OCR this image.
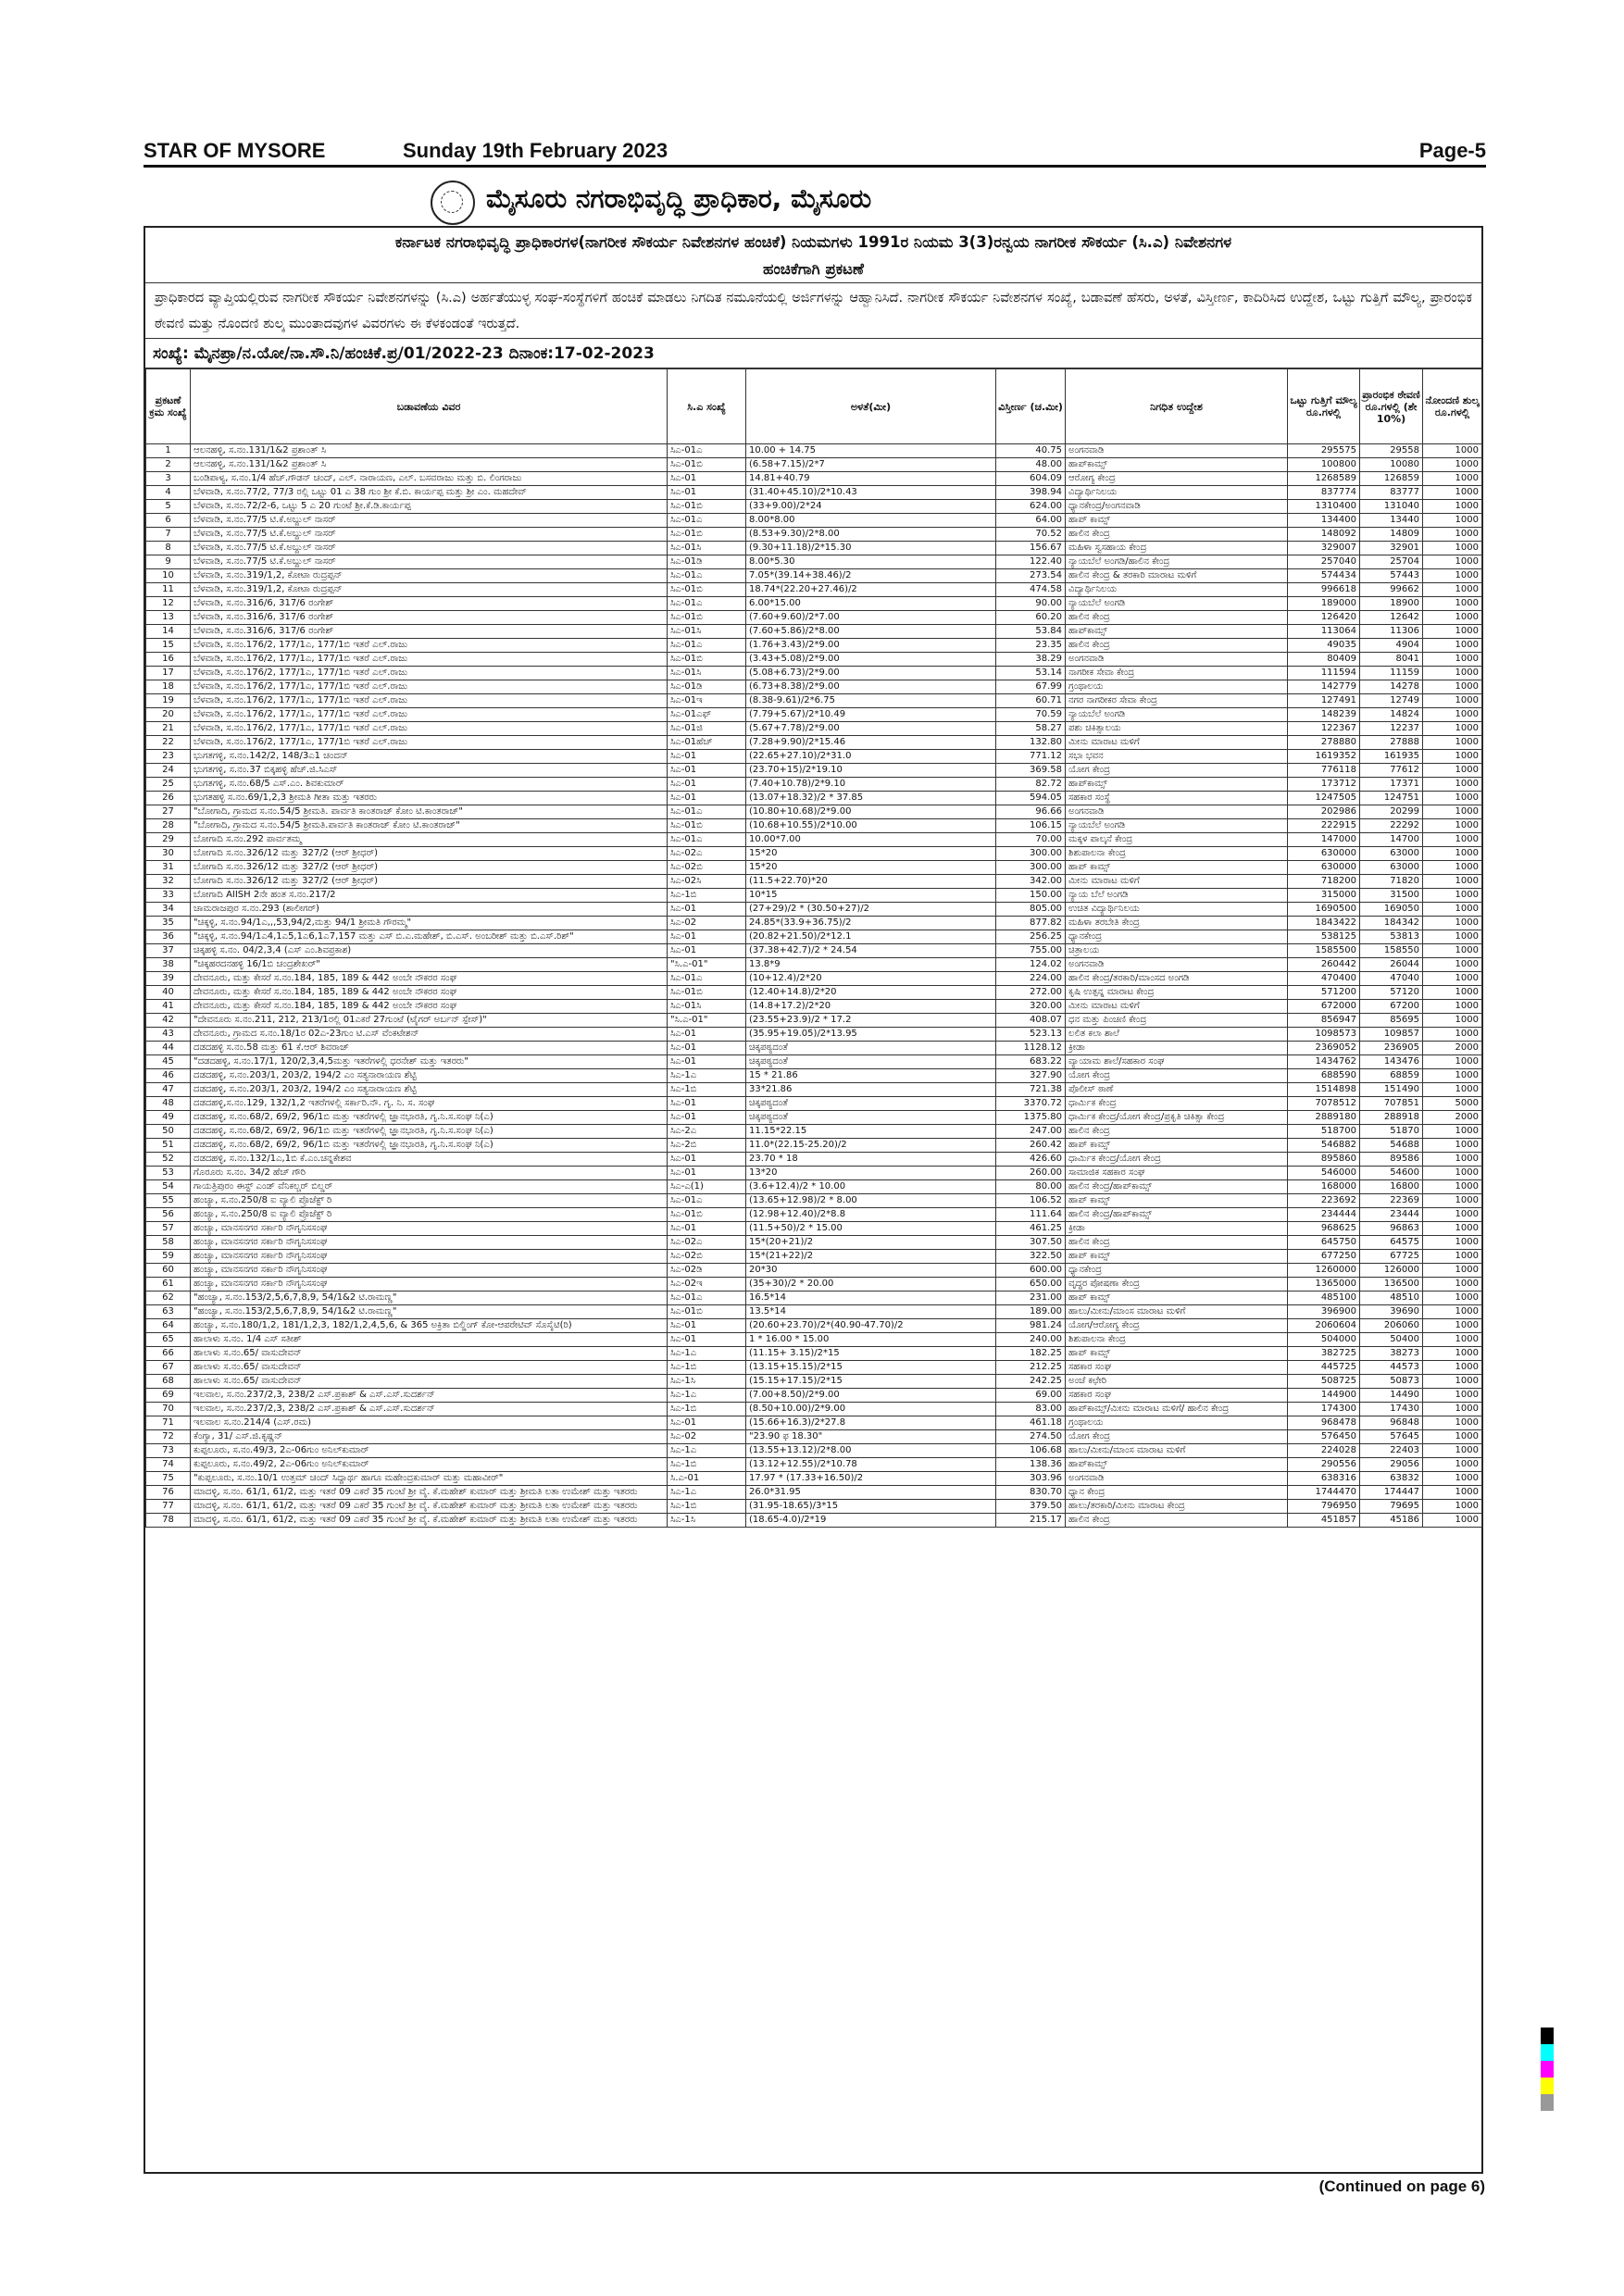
STAR OF MYSORE	Sunday 19th February 2023	Page-5
ಮೈಸೂರು ನಗರಾಭಿವೃದ್ಧಿ ಪ್ರಾಧಿಕಾರ, ಮೈಸೂರು
ಕರ್ನಾಟಕ ನಗರಾಭಿವೃದ್ಧಿ ಪ್ರಾಧಿಕಾರಗಳ(ನಾಗರೀಕ ಸೌಕರ್ಯ ನಿವೇಶನಗಳ ಹಂಚಿಕೆ) ನಿಯಮಗಳು 1991ರ ನಿಯಮ 3(3)ರನ್ವಯ ನಾಗರೀಕ ಸೌಕರ್ಯ (ಸಿ.ಎ) ನಿವೇಶನಗಳ
ಹಂಚಿಕೆಗಾಗಿ ಪ್ರಕಟಣೆ
ಪ್ರಾಧಿಕಾರದ ವ್ಯಾಪ್ತಿಯಲ್ಲಿರುವ ನಾಗರೀಕ ಸೌಕರ್ಯ ನಿವೇಶನಗಳನ್ನು (ಸಿ.ಎ) ಅರ್ಹತೆಯುಳ್ಳ ಸಂಘ-ಸಂಸ್ಥೆಗಳಿಗೆ ಹಂಚಿಕೆ ಮಾಡಲು ನಿಗದಿತ ನಮೂನೆಯಲ್ಲಿ ಅರ್ಜಿಗಳನ್ನು ಆಹ್ವಾನಿಸಿದೆ. ನಾಗರೀಕ ಸೌಕರ್ಯ ನಿವೇಶನಗಳ ಸಂಖ್ಯೆ, ಬಡಾವಣೆ ಹೆಸರು, ಅಳತೆ, ವಿಸ್ತೀರ್ಣ, ಕಾದಿರಿಸಿದ ಉದ್ದೇಶ, ಒಟ್ಟು ಗುತ್ತಿಗೆ ಮೌಲ್ಯ, ಪ್ರಾರಂಭಿಕ ಠೇವಣಿ ಮತ್ತು ನೊಂದಣಿ ಶುಲ್ಕ ಮುಂತಾದವುಗಳ ವಿವರಗಳು ಈ ಕೆಳಕಂಡಂತೆ ಇರುತ್ತದೆ.
ಸಂಖ್ಯೆ: ಮೈನಪ್ರಾ/ನ.ಯೋ/ನಾ.ಸೌ.ನಿ/ಹಂಚಿಕೆ.ಪ್ರ/01/2022-23 ದಿನಾಂಕ:17-02-2023
ಪ್ರಕಟಣೆ ಕ್ರಮ ಸಂಖ್ಯೆ	ಬಡಾವಣೆಯ ವಿವರ	ಸಿ.ಎ ಸಂಖ್ಯೆ	ಅಳತೆ(ಮೀ)	ವಿಸ್ತೀರ್ಣ (ಚ.ಮೀ)	ನಿಗಧಿತ ಉದ್ದೇಶ	ಒಟ್ಟು ಗುತ್ತಿಗೆ ಮೌಲ್ಯ ರೂ.ಗಳಲ್ಲಿ	ಪ್ರಾರಂಭಿಕ ಠೇವಣಿ ರೂ.ಗಳಲ್ಲಿ (ಶೇ 10%)	ನೋಂದಣಿ ಶುಲ್ಕ ರೂ.ಗಳಲ್ಲಿ
1	ಆಲನಹಳ್ಳಿ, ಸ.ನಂ.131/1&2 ಪ್ರಶಾಂತ್ ಸಿ	ಸಿಎ-01ಎ	10.00 + 14.75	40.75	ಅಂಗನವಾಡಿ	295575	29558	1000
2	ಆಲನಹಳ್ಳಿ, ಸ.ನಂ.131/1&2 ಪ್ರಶಾಂತ್ ಸಿ	ಸಿಎ-01ಬಿ	(6.58+7.15)/2*7	48.00	ಹಾಪ್‌ಕಾಮ್ಸ್	100800	10080	1000
3	ಬಂಡಿಪಾಳ್ಯ, ಸ.ನಂ.1/4 ಹೆಚ್.ಗೌಡನ್ ಚಂದ್, ಎಲ್. ನಾರಾಯಣ, ಎಲ್. ಬಸವರಾಜು ಮತ್ತು ಬಿ. ಲಿಂಗರಾಜು	ಸಿಎ-01	14.81+40.79	604.09	ಆರೋಗ್ಯ ಕೇಂದ್ರ	1268589	126859	1000
4	ಬೆಳವಾಡಿ, ಸ.ನಂ.77/2, 77/3 ರಲ್ಲಿ ಒಟ್ಟು 01 ಎ 38 ಗುಂ ಶ್ರೀ ಕೆ.ಬಿ. ಕಾರ್ಯಪ್ಪ ಮತ್ತು ಶ್ರೀ ಎಂ. ಮಹದೇವ್	ಸಿಎ-01	(31.40+45.10)/2*10.43	398.94	ವಿದ್ಯಾರ್ಥಿನಿಲಯ	837774	83777	1000
5	ಬೆಳವಾಡಿ, ಸ.ನಂ.72/2-6, ಒಟ್ಟು 5 ಎ 20 ಗುಂಟೆ ಶ್ರೀ.ಕೆ.ಡಿ.ಕಾರ್ಯಪ್ಪ	ಸಿಎ-01ಬಿ	(33+9.00)/2*24	624.00	ಧ್ಯಾನಕೇಂದ್ರ/ಅಂಗನವಾಡಿ	1310400	131040	1000
6	ಬೆಳವಾಡಿ, ಸ.ನಂ.77/5 ಟಿ.ಕೆ.ಅಬ್ದುಲ್ ನಾಸರ್	ಸಿಎ-01ಎ	8.00*8.00	64.00	ಹಾಪ್ ಕಾಮ್ಸ್	134400	13440	1000
7	ಬೆಳವಾಡಿ, ಸ.ನಂ.77/5 ಟಿ.ಕೆ.ಅಬ್ದುಲ್ ನಾಸರ್	ಸಿಎ-01ಬಿ	(8.53+9.30)/2*8.00	70.52	ಹಾಲಿನ ಕೇಂದ್ರ	148092	14809	1000
8	ಬೆಳವಾಡಿ, ಸ.ನಂ.77/5 ಟಿ.ಕೆ.ಅಬ್ದುಲ್ ನಾಸರ್	ಸಿಎ-01ಸಿ	(9.30+11.18)/2*15.30	156.67	ಮಹಿಳಾ ಸ್ವಸಹಾಯ ಕೇಂದ್ರ	329007	32901	1000
9	ಬೆಳವಾಡಿ, ಸ.ನಂ.77/5 ಟಿ.ಕೆ.ಅಬ್ದುಲ್ ನಾಸರ್	ಸಿಎ-01ಡಿ	8.00*5.30	122.40	ನ್ಯಾಯಬೆಲೆ ಅಂಗಡಿ/ಹಾಲಿನ ಕೇಂದ್ರ	257040	25704	1000
10	ಬೆಳವಾಡಿ, ಸ.ನಂ.319/1,2, ಕೋಟಾ ರುದ್ರಪ್ಪನ್	ಸಿಎ-01ಎ	7.05*(39.14+38.46)/2	273.54	ಹಾಲಿನ ಕೇಂದ್ರ & ತರಕಾರಿ ಮಾರಾಟ ಮಳಿಗೆ	574434	57443	1000
11	ಬೆಳವಾಡಿ, ಸ.ನಂ.319/1,2, ಕೋಟಾ ರುದ್ರಪ್ಪನ್	ಸಿಎ-01ಬಿ	18.74*(22.20+27.46)/2	474.58	ವಿದ್ಯಾರ್ಥಿನಿಲಯ	996618	99662	1000
12	ಬೆಳವಾಡಿ, ಸ.ನಂ.316/6, 317/6 ರಂಗೇಶ್	ಸಿಎ-01ಎ	6.00*15.00	90.00	ನ್ಯಾಯಬೆಲೆ ಅಂಗಡಿ	189000	18900	1000
13	ಬೆಳವಾಡಿ, ಸ.ನಂ.316/6, 317/6 ರಂಗೇಶ್	ಸಿಎ-01ಬಿ	(7.60+9.60)/2*7.00	60.20	ಹಾಲಿನ ಕೇಂದ್ರ	126420	12642	1000
14	ಬೆಳವಾಡಿ, ಸ.ನಂ.316/6, 317/6 ರಂಗೇಶ್	ಸಿಎ-01ಸಿ	(7.60+5.86)/2*8.00	53.84	ಹಾಪ್‌ಕಾಮ್ಸ್	113064	11306	1000
15	ಬೆಳವಾಡಿ, ಸ.ನಂ.176/2, 177/1ಎ, 177/1ಬಿ ಇತರೆ ಎಲ್.ರಾಜು	ಸಿಎ-01ಎ	(1.76+3.43)/2*9.00	23.35	ಹಾಲಿನ ಕೇಂದ್ರ	49035	4904	1000
16	ಬೆಳವಾಡಿ, ಸ.ನಂ.176/2, 177/1ಎ, 177/1ಬಿ ಇತರೆ ಎಲ್.ರಾಜು	ಸಿಎ-01ಬಿ	(3.43+5.08)/2*9.00	38.29	ಅಂಗನವಾಡಿ	80409	8041	1000
17	ಬೆಳವಾಡಿ, ಸ.ನಂ.176/2, 177/1ಎ, 177/1ಬಿ ಇತರೆ ಎಲ್.ರಾಜು	ಸಿಎ-01ಸಿ	(5.08+6.73)/2*9.00	53.14	ನಾಗರೀಕ ಸೇವಾ ಕೇಂದ್ರ	111594	11159	1000
18	ಬೆಳವಾಡಿ, ಸ.ನಂ.176/2, 177/1ಎ, 177/1ಬಿ ಇತರೆ ಎಲ್.ರಾಜು	ಸಿಎ-01ಡಿ	(6.73+8.38)/2*9.00	67.99	ಗ್ರಂಥಾಲಯ	142779	14278	1000
19	ಬೆಳವಾಡಿ, ಸ.ನಂ.176/2, 177/1ಎ, 177/1ಬಿ ಇತರೆ ಎಲ್.ರಾಜು	ಸಿಎ-01ಇ	(8.38-9.61)/2*6.75	60.71	ನಗರ ನಾಗರೀಕರ ಸೇವಾ ಕೇಂದ್ರ	127491	12749	1000
20	ಬೆಳವಾಡಿ, ಸ.ನಂ.176/2, 177/1ಎ, 177/1ಬಿ ಇತರೆ ಎಲ್.ರಾಜು	ಸಿಎ-01ಎಫ್	(7.79+5.67)/2*10.49	70.59	ನ್ಯಾಯಬೆಲೆ ಅಂಗಡಿ	148239	14824	1000
21	ಬೆಳವಾಡಿ, ಸ.ನಂ.176/2, 177/1ಎ, 177/1ಬಿ ಇತರೆ ಎಲ್.ರಾಜು	ಸಿಎ-01ಜಿ	(5.67+7.78)/2*9.00	58.27	ಪಶು ಚಿಕಿತ್ಸಾಲಯ	122367	12237	1000
22	ಬೆಳವಾಡಿ, ಸ.ನಂ.176/2, 177/1ಎ, 177/1ಬಿ ಇತರೆ ಎಲ್.ರಾಜು	ಸಿಎ-01ಹೆಚ್	(7.28+9.90)/2*15.46	132.80	ಮೀನು ಮಾರಾಟ ಮಳಿಗೆ	278880	27888	1000
23	ಭುಗತಗಳ್ಳಿ, ಸ.ನಂ.142/2, 148/3ಎ1 ಚಂದನ್	ಸಿಎ-01	(22.65+27.10)/2*31.0	771.12	ಸಭಾ ಭವನ	1619352	161935	1000
24	ಭುಗತಗಳ್ಳಿ, ಸ.ನಂ.37 ಬಿಕ್ಕಹಳ್ಳಿ ಹೆಚ್.ಜಿ.ಸಿಎಸ್	ಸಿಎ-01	(23.70+15)/2*19.10	369.58	ಯೋಗ ಕೇಂದ್ರ	776118	77612	1000
25	ಭುಗತಗಳ್ಳಿ, ಸ.ನಂ.68/5 ಎಸ್.ಎಂ. ಶಿವಕುಮಾರ್	ಸಿಎ-01	(7.40+10.78)/2*9.10	82.72	ಹಾಪ್‌ಕಾಮ್ಸ್	173712	17371	1000
26	ಭುಗತಹಳ್ಳಿ ಸ.ನಂ.69/1,2,3 ಶ್ರೀಮತಿ ಗೀತಾ ಮತ್ತು ಇತರರು	ಸಿಎ-01	(13.07+18.32)/2 * 37.85	594.05	ಸಹಕಾರ ಸಂಸ್ಥೆ	1247505	124751	1000
27	"ಬೋಗಾದಿ, ಗ್ರಾಮದ ಸ.ನಂ.54/5 ಶ್ರೀಮತಿ. ಪಾರ್ವತಿ ಕಾಂತರಾಜ್ ಕೋಂ ಟಿ.ಕಾಂತರಾಜ್"	ಸಿಎ-01ಎ	(10.80+10.68)/2*9.00	96.66	ಅಂಗನವಾಡಿ	202986	20299	1000
28	"ಬೋಗಾದಿ, ಗ್ರಾಮದ ಸ.ನಂ.54/5 ಶ್ರೀಮತಿ.ಪಾರ್ವತಿ ಕಾಂತರಾಜ್ ಕೋಂ ಟಿ.ಕಾಂತರಾಜ್"	ಸಿಎ-01ಬಿ	(10.68+10.55)/2*10.00	106.15	ನ್ಯಾಯಬೆಲೆ ಅಂಗಡಿ	222915	22292	1000
29	ಬೋಗಾದಿ ಸ.ನಂ.292 ಪಾರ್ವತಮ್ಮ	ಸಿಎ-01ಎ	10.00*7.00	70.00	ಮಕ್ಕಳ ಪಾಲ್ಕನೆ ಕೇಂದ್ರ	147000	14700	1000
30	ಬೋಗಾದಿ ಸ.ನಂ.326/12 ಮತ್ತು 327/2 (ಆರ್ ಶ್ರೀಧರ್)	ಸಿಎ-02ಎ	15*20	300.00	ಶಿಶುಪಾಲನಾ ಕೇಂದ್ರ	630000	63000	1000
31	ಬೋಗಾದಿ ಸ.ನಂ.326/12 ಮತ್ತು 327/2 (ಆರ್ ಶ್ರೀಧರ್)	ಸಿಎ-02ಬಿ	15*20	300.00	ಹಾಪ್ ಕಾಮ್ಸ್	630000	63000	1000
32	ಬೋಗಾದಿ ಸ.ನಂ.326/12 ಮತ್ತು 327/2 (ಆರ್ ಶ್ರೀಧರ್)	ಸಿಎ-02ಸಿ	(11.5+22.70)*20	342.00	ಮೀನು ಮಾರಾಟ ಮಳಿಗೆ	718200	71820	1000
33	ಬೋಗಾದಿ AIISH 2ನೇ ಹಂತ ಸ.ನಂ.217/2	ಸಿಎ-1ಬಿ	10*15	150.00	ನ್ಯಾಯ ಬೆಲೆ ಅಂಗಡಿ	315000	31500	1000
34	ಚಾಮರಾಜಪುರ ಸ.ನಂ.293 (ಶಾಲೀಗರ್)	ಸಿಎ-01	(27+29)/2 * (30.50+27)/2	805.00	ಉಚಿತ ವಿದ್ಯಾರ್ಥಿನಿಲಯ	1690500	169050	1000
35	"ಚಿಕ್ಕಳ್ಳಿ, ಸ.ನಂ.94/1ಎ,,,53,94/2,ಮತ್ತು 94/1 ಶ್ರೀಮತಿ ಗೌರಮ್ಮ"	ಸಿಎ-02	24.85*(33.9+36.75)/2	877.82	ಮಹಿಳಾ ತರಬೇತಿ ಕೇಂದ್ರ	1843422	184342	1000
36	"ಚಿಕ್ಕಳ್ಳಿ, ಸ.ನಂ.94/1ಎ4,1ಎ5,1ಎ6,1ಎ7,157 ಮತ್ತು ಎಸ್ ಬಿ.ಎ.ಮಹೇಶ್, ಬಿ.ಎಸ್. ಅಂಬರೀಶ್ ಮತ್ತು ಬಿ.ಎಸ್.ರಿಶ್"	ಸಿಎ-01	(20.82+21.50)/2*12.1	256.25	ಧ್ಯಾನಕೇಂದ್ರ	538125	53813	1000
37	ಚಿಕ್ಕಹಳ್ಳಿ ಸ.ನಂ. 04/2,3,4 (ಎಸ್ ಎಂ.ಶಿವಪ್ರಕಾಶ)	ಸಿಎ-01	(37.38+42.7)/2 * 24.54	755.00	ಚಿತ್ರಾಲಯ	1585500	158550	1000
38	"ಚಿಕ್ಕಹರದನಹಳ್ಳಿ 16/1ಬಿ ಚಂದ್ರಶೇಖರ್"	"ಸಿ.ಎ-01"	13.8*9	124.02	ಅಂಗನವಾಡಿ	260442	26044	1000
39	ದೇವನೂರು, ಮತ್ತು ಕೇಸರೆ ಸ.ನಂ.184, 185, 189 & 442 ಅಂಬೇ ನೌಕರರ ಸಂಘ	ಸಿಎ-01ಎ	(10+12.4)/2*20	224.00	ಹಾಲಿನ ಕೇಂದ್ರ/ತರಕಾರಿ/ಮಾಂಸದ ಅಂಗಡಿ	470400	47040	1000
40	ದೇವನೂರು, ಮತ್ತು ಕೇಸರೆ ಸ.ನಂ.184, 185, 189 & 442 ಅಂಬೇ ನೌಕರರ ಸಂಘ	ಸಿಎ-01ಬಿ	(12.40+14.8)/2*20	272.00	ಕೃಷಿ ಉತ್ಪನ್ನ ಮಾರಾಟ ಕೇಂದ್ರ	571200	57120	1000
41	ದೇವನೂರು, ಮತ್ತು ಕೇಸರೆ ಸ.ನಂ.184, 185, 189 & 442 ಅಂಬೇ ನೌಕರರ ಸಂಘ	ಸಿಎ-01ಸಿ	(14.8+17.2)/2*20	320.00	ಮೀನು ಮಾರಾಟ ಮಳಿಗೆ	672000	67200	1000
42	"ದೇವನೂರು ಸ.ನಂ.211, 212, 213/1ರಲ್ಲಿ 01ಎಕರೆ 27ಗುಂಟೆ (ಟೈಗರ್ ಅರ್ಬನ್ ಸ್ಪೇಸ್)"	"ಸಿ.ಎ-01"	(23.55+23.9)/2 * 17.2	408.07	ಧನ ಮತ್ತು ಪಿಂಚಣಿ ಕೇಂದ್ರ	856947	85695	1000
43	ದೇವನೂರು, ಗ್ರಾಮದ ಸ.ನಂ.18/1ರ 02ಎ-23ಗುಂ ಟಿ.ಎಸ್ ವೆಂಕಟೇಶನ್	ಸಿಎ-01	(35.95+19.05)/2*13.95	523.13	ಲಲಿತ ಕಲಾ ಶಾಲೆ	1098573	109857	1000
44	ದಡದಹಳ್ಳಿ ಸ.ನಂ.58 ಮತ್ತು 61 ಕೆ.ಆರ್ ಶಿವರಾಜ್	ಸಿಎ-01	ಚಿಕ್ಕಪಠ್ಯದಂತೆ	1128.12	ಕ್ರೀಡಾ	2369052	236905	2000
45	"ದಡದಹಳ್ಳಿ, ಸ.ನಂ.17/1, 120/2,3,4,5ಮತ್ತು ಇತರೆಗಳಲ್ಲಿ ಧರನೇಶ್ ಮತ್ತು ಇತರರು"	ಸಿಎ-01	ಚಿಕ್ಕಪಠ್ಯದಂತೆ	683.22	ವ್ಯಾಯಾಮ ಶಾಲೆ/ಸಹಕಾರ ಸಂಘ	1434762	143476	1000
46	ದಡದಹಳ್ಳಿ, ಸ.ನಂ.203/1, 203/2, 194/2 ಎಂ ಸತ್ಯನಾರಾಯಣ ಶೆಟ್ಟಿ	ಸಿಎ-1ಎ	15 * 21.86	327.90	ಯೋಗ ಕೇಂದ್ರ	688590	68859	1000
47	ದಡದಹಳ್ಳಿ, ಸ.ನಂ.203/1, 203/2, 194/2 ಎಂ ಸತ್ಯನಾರಾಯಣ ಶೆಟ್ಟಿ	ಸಿಎ-1ಬಿ	33*21.86	721.38	ಪೊಲೀಸ್ ಠಾಣೆ	1514898	151490	1000
48	ದಡದಹಳ್ಳಿ,ಸ.ನಂ.129, 132/1,2 ಇತರೆಗಳಲ್ಲಿ ಸರ್ಕಾರಿ.ನೌ. ಗೃ. ನಿ. ಸ. ಸಂಘ	ಸಿಎ-01	ಚಿಕ್ಕಪಠ್ಯದಂತೆ	3370.72	ಧಾರ್ಮಿಕ ಕೇಂದ್ರ	7078512	707851	5000
49	ದಡದಹಳ್ಳಿ, ಸ.ನಂ.68/2, 69/2, 96/1ಬಿ ಮತ್ತು ಇತರೆಗಳಲ್ಲಿ ಜ್ಞಾನಭಾರತಿ, ಗೃ.ನಿ.ಸ.ಸಂಘ ನಿ(ಎ)	ಸಿಎ-01	ಚಿಕ್ಕಪಠ್ಯದಂತೆ	1375.80	ಧಾರ್ಮಿಕ ಕೇಂದ್ರ/ಯೋಗ ಕೇಂದ್ರ/ಪ್ರಕೃತಿ ಚಿಕಿತ್ಸಾ ಕೇಂದ್ರ	2889180	288918	2000
50	ದಡದಹಳ್ಳಿ, ಸ.ನಂ.68/2, 69/2, 96/1ಬಿ ಮತ್ತು ಇತರೆಗಳಲ್ಲಿ ಜ್ಞಾನಭಾರತಿ, ಗೃ.ನಿ.ಸ.ಸಂಘ ನಿ(ಎ)	ಸಿಎ-2ಎ	11.15*22.15	247.00	ಹಾಲಿನ ಕೇಂದ್ರ	518700	51870	1000
51	ದಡದಹಳ್ಳಿ, ಸ.ನಂ.68/2, 69/2, 96/1ಬಿ ಮತ್ತು ಇತರೆಗಳಲ್ಲಿ ಜ್ಞಾನಭಾರತಿ, ಗೃ.ನಿ.ಸ.ಸಂಘ ನಿ(ಎ)	ಸಿಎ-2ಬಿ	11.0*(22.15-25.20)/2	260.42	ಹಾಪ್ ಕಾಮ್ಸ್	546882	54688	1000
52	ದಡದಹಳ್ಳಿ, ಸ.ನಂ.132/1ಎ,1ಬಿ ಕೆ.ಎಂ.ಚನ್ನಕೇಶವ	ಸಿಎ-01	23.70 * 18	426.60	ಧಾರ್ಮಿಕ ಕೇಂದ್ರ/ಯೋಗ ಕೇಂದ್ರ	895860	89586	1000
53	ಗೊರೂರು ಸ.ನಂ. 34/2 ಹೆಚ್ ಗೌರಿ	ಸಿಎ-01	13*20	260.00	ಸಾಮಾಜಿಕ ಸಹಕಾರ ಸಂಘ	546000	54600	1000
54	ಗಾಯತ್ರಿಪುರಂ ಈಸ್ಟ್ ಎಂಡ್ ವೆನಿಕಲ್ಚರ್ ಬಿಲ್ಡರ್	ಸಿಎ-ಎ(1)	(3.6+12.4)/2 * 10.00	80.00	ಹಾಲಿನ ಕೇಂದ್ರ/ಹಾಪ್‌ಕಾಮ್ಸ್	168000	16800	1000
55	ಹಂಚ್ಯಾ, ಸ.ನಂ.250/8 ಐ ವ್ಯಾಲಿ ಪ್ರೊಜೆಕ್ಟ್ ರಿ	ಸಿಎ-01ಎ	(13.65+12.98)/2 * 8.00	106.52	ಹಾಪ್ ಕಾಮ್ಸ್	223692	22369	1000
56	ಹಂಚ್ಯಾ, ಸ.ನಂ.250/8 ಐ ವ್ಯಾಲಿ ಪ್ರೊಜೆಕ್ಟ್ ರಿ	ಸಿಎ-01ಬಿ	(12.98+12.40)/2*8.8	111.64	ಹಾಲಿನ ಕೇಂದ್ರ/ಹಾಪ್‌ಕಾಮ್ಸ್	234444	23444	1000
57	ಹಂಚ್ಯಾ, ಮಾನಸನಗರ ಸರ್ಕಾರಿ ನೌಗೃನಿಸಸಂಘ	ಸಿಎ-01	(11.5+50)/2 * 15.00	461.25	ಕ್ರೀಡಾ	968625	96863	1000
58	ಹಂಚ್ಯಾ, ಮಾನಸನಗರ ಸರ್ಕಾರಿ ನೌಗೃನಿಸಸಂಘ	ಸಿಎ-02ಎ	15*(20+21)/2	307.50	ಹಾಲಿನ ಕೇಂದ್ರ	645750	64575	1000
59	ಹಂಚ್ಯಾ, ಮಾನಸನಗರ ಸರ್ಕಾರಿ ನೌಗೃನಿಸಸಂಘ	ಸಿಎ-02ಬಿ	15*(21+22)/2	322.50	ಹಾಪ್ ಕಾಮ್ಸ್	677250	67725	1000
60	ಹಂಚ್ಯಾ, ಮಾನಸನಗರ ಸರ್ಕಾರಿ ನೌಗೃನಿಸಸಂಘ	ಸಿಎ-02ಡಿ	20*30	600.00	ಧ್ಯಾನಕೇಂದ್ರ	1260000	126000	1000
61	ಹಂಚ್ಯಾ, ಮಾನಸನಗರ ಸರ್ಕಾರಿ ನೌಗೃನಿಸಸಂಘ	ಸಿಎ-02ಇ	(35+30)/2 * 20.00	650.00	ವೃದ್ಧರ ಪೋಷಣಾ ಕೇಂದ್ರ	1365000	136500	1000
62	"ಹಂಚ್ಯಾ, ಸ.ನಂ.153/2,5,6,7,8,9, 54/1&2 ಟಿ.ರಾಮಣ್ಣ"	ಸಿಎ-01ಎ	16.5*14	231.00	ಹಾಪ್ ಕಾಮ್ಸ್	485100	48510	1000
63	"ಹಂಚ್ಯಾ, ಸ.ನಂ.153/2,5,6,7,8,9, 54/1&2 ಟಿ.ರಾಮಣ್ಣ"	ಸಿಎ-01ಬಿ	13.5*14	189.00	ಹಾಲು/ಮೀನು/ಮಾಂಸ ಮಾರಾಟ ಮಳಿಗೆ	396900	39690	1000
64	ಹಂಚ್ಯಾ, ಸ.ನಂ.180/1,2, 181/1,2,3, 182/1,2,4,5,6, & 365 ಅಕ್ರಿತಾ ಬಿಲ್ಡಿಂಗ್ ಕೋ-ಆಪರೇಟಿವ್ ಸೊಸೈಟಿ(ರಿ)	ಸಿಎ-01	(20.60+23.70)/2*(40.90-47.70)/2	981.24	ಯೋಗ/ಆರೋಗ್ಯ ಕೇಂದ್ರ	2060604	206060	1000
65	ಹಾಲಾಳು ಸ.ನಂ. 1/4 ಎಸ್ ಸತೀಶ್	ಸಿಎ-01	1 * 16.00 * 15.00	240.00	ಶಿಶುಪಾಲನಾ ಕೇಂದ್ರ	504000	50400	1000
66	ಹಾಲಾಳು ಸ.ನಂ.65/ ವಾಸುದೇವನ್	ಸಿಎ-1ಎ	(11.15+ 3.15)/2*15	182.25	ಹಾಪ್ ಕಾಮ್ಸ್	382725	38273	1000
67	ಹಾಲಾಳು ಸ.ನಂ.65/ ವಾಸುದೇವನ್	ಸಿಎ-1ಬಿ	(13.15+15.15)/2*15	212.25	ಸಹಕಾರ ಸಂಘ	445725	44573	1000
68	ಹಾಲಾಳು ಸ.ನಂ.65/ ವಾಸುದೇವನ್	ಸಿಎ-1ಸಿ	(15.15+17.15)/2*15	242.25	ಅಂಚೆ ಕಛೇರಿ	508725	50873	1000
69	ಇಲವಾಲ, ಸ.ನಂ.237/2,3, 238/2 ಎಸ್.ಪ್ರಕಾಶ್ & ಎಸ್.ಎಸ್.ಸುದರ್ಶನ್	ಸಿಎ-1ಎ	(7.00+8.50)/2*9.00	69.00	ಸಹಕಾರ ಸಂಘ	144900	14490	1000
70	ಇಲವಾಲ, ಸ.ನಂ.237/2,3, 238/2 ಎಸ್.ಪ್ರಕಾಶ್ & ಎಸ್.ಎಸ್.ಸುದರ್ಶನ್	ಸಿಎ-1ಬಿ	(8.50+10.00)/2*9.00	83.00	ಹಾಪ್‌ಕಾಮ್ಸ್/ಮೀನು ಮಾರಾಟ ಮಳಿಗೆ/ ಹಾಲಿನ ಕೇಂದ್ರ	174300	17430	1000
71	ಇಲವಾಲ ಸ.ನಂ.214/4 (ಎಸ್.ರಮ)	ಸಿಎ-01	(15.66+16.3)/2*27.8	461.18	ಗ್ರಂಥಾಲಯ	968478	96848	1000
72	ಕೆಂಗ್ಯಾ, 31/ ಎಸ್.ಜಿ.ಕೃಷ್ಣನ್	ಸಿಎ-02	"23.90 ಫ 18.30"	274.50	ಯೋಗ ಕೇಂದ್ರ	576450	57645	1000
73	ಕುಪ್ಪಲೂರು, ಸ.ನಂ.49/3, 2ಎ-06ಗುಂ ಅನಿಲ್‌ಕುಮಾರ್	ಸಿಎ-1ಎ	(13.55+13.12)/2*8.00	106.68	ಹಾಲು/ಮೀನು/ಮಾಂಸ ಮಾರಾಟ ಮಳಿಗೆ	224028	22403	1000
74	ಕುಪ್ಪಲೂರು, ಸ.ನಂ.49/2, 2ಎ-06ಗುಂ ಅನಿಲ್‌ಕುಮಾರ್	ಸಿಎ-1ಬಿ	(13.12+12.55)/2*10.78	138.36	ಹಾಪ್‌ಕಾಮ್ಸ್	290556	29056	1000
75	"ಕುಪ್ಪಲೂರು, ಸ.ನಂ.10/1 ಉತ್ತಮ್ ಚಂದ್ ಸಿದ್ದಾರ್ಥ ಹಾಗೂ ಮಹೇಂದ್ರಕುಮಾರ್ ಮತ್ತು ಮಹಾವೀರ್"	ಸಿ.ಎ-01	17.97 * (17.33+16.50)/2	303.96	ಅಂಗನವಾಡಿ	638316	63832	1000
76	ಮಾದಳ್ಳಿ, ಸ.ನಂ. 61/1, 61/2, ಮತ್ತು ಇತರೆ 09 ಎಕರೆ 35 ಗುಂಟೆ ಶ್ರೀ ವೈ. ಕೆ.ಮಹೇಶ್ ಕುಮಾರ್ ಮತ್ತು ಶ್ರೀಮತಿ ಲತಾ ಉಮೇಶ್ ಮತ್ತು ಇತರರು	ಸಿಎ-1ಎ	26.0*31.95	830.70	ಧ್ಯಾನ ಕೇಂದ್ರ	1744470	174447	1000
77	ಮಾದಳ್ಳಿ, ಸ.ನಂ. 61/1, 61/2, ಮತ್ತು ಇತರೆ 09 ಎಕರೆ 35 ಗುಂಟೆ ಶ್ರೀ ವೈ. ಕೆ.ಮಹೇಶ್ ಕುಮಾರ್ ಮತ್ತು ಶ್ರೀಮತಿ ಲತಾ ಉಮೇಶ್ ಮತ್ತು ಇತರರು	ಸಿಎ-1ಬಿ	(31.95-18.65)/3*15	379.50	ಹಾಲು/ತರಕಾರಿ/ಮೀನು ಮಾರಾಟ ಕೇಂದ್ರ	796950	79695	1000
78	ಮಾದಳ್ಳಿ, ಸ.ನಂ. 61/1, 61/2, ಮತ್ತು ಇತರೆ 09 ಎಕರೆ 35 ಗುಂಟೆ ಶ್ರೀ ವೈ. ಕೆ.ಮಹೇಶ್ ಕುಮಾರ್ ಮತ್ತು ಶ್ರೀಮತಿ ಲತಾ ಉಮೇಶ್ ಮತ್ತು ಇತರರು	ಸಿಎ-1ಸಿ	(18.65-4.0)/2*19	215.17	ಹಾಲಿನ ಕೇಂದ್ರ	451857	45186	1000
(Continued on page 6)
